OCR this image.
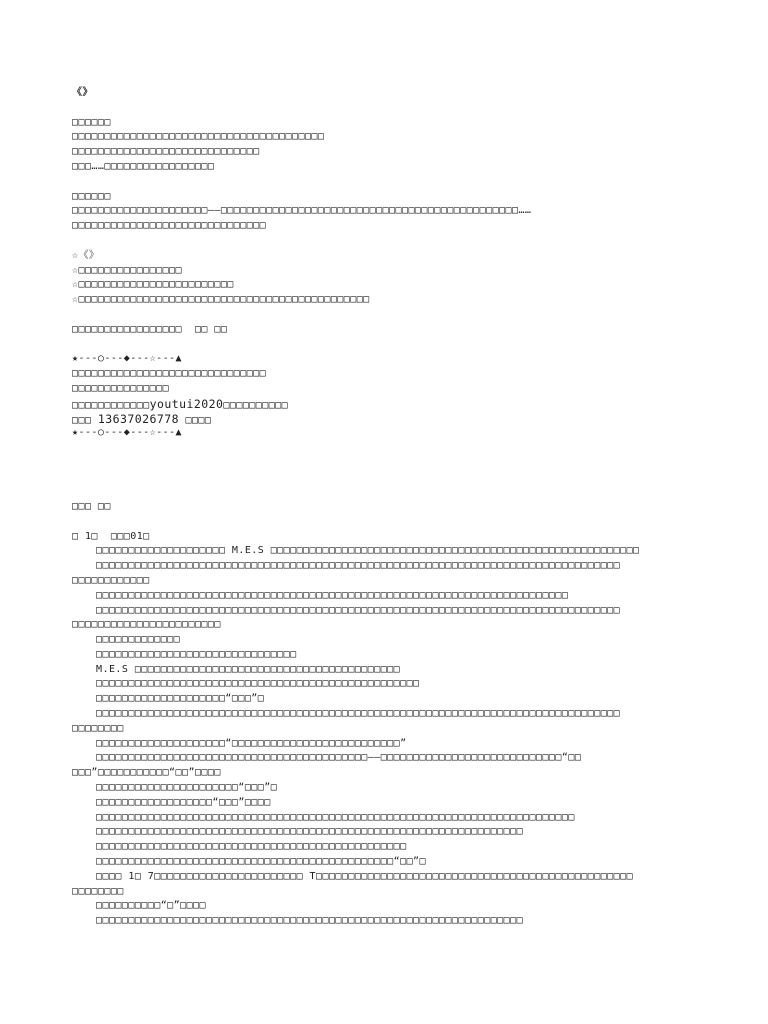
《》
□□□□□□
□□□□□□□□□□□□□□□□□□□□□□□□□□□□□□□□□□□□□□□
□□□□□□□□□□□□□□□□□□□□□□□□□□□□□
□□□……□□□□□□□□□□□□□□□□□
□□□□□□
□□□□□□□□□□□□□□□□□□□□□——□□□□□□□□□□□□□□□□□□□□□□□□□□□□□□□□□□□□□□□□□□□□□□……
□□□□□□□□□□□□□□□□□□□□□□□□□□□□□□
☆《》
☆□□□□□□□□□□□□□□□□
☆□□□□□□□□□□□□□□□□□□□□□□□□
☆□□□□□□□□□□□□□□□□□□□□□□□□□□□□□□□□□□□□□□□□□□□□□
□□□□□□□□□□□□□□□□□  □□ □□
★---○---◆---☆---▲
□□□□□□□□□□□□□□□□□□□□□□□□□□□□□□
□□□□□□□□□□□□□□□
□□□□□□□□□□□□youtui2020□□□□□□□□□□
□□□ 13637026778 □□□□
★---○---◆---☆---▲
□□□ □□
□ 1□  □□□01□
□□□□□□□□□□□□□□□□□□□□ M.E.S □□□□□□□□□□□□□□□□□□□□□□□□□□□□□□□□□□□□□□□□□□□□□□□□□□□□□□□□□
□□□□□□□□□□□□□□□□□□□□□□□□□□□□□□□□□□□□□□□□□□□□□□□□□□□□□□□□□□□□□□□□□□□□□□□□□□□□□□□□□
□□□□□□□□□□□□
□□□□□□□□□□□□□□□□□□□□□□□□□□□□□□□□□□□□□□□□□□□□□□□□□□□□□□□□□□□□□□□□□□□□□□□□□
□□□□□□□□□□□□□□□□□□□□□□□□□□□□□□□□□□□□□□□□□□□□□□□□□□□□□□□□□□□□□□□□□□□□□□□□□□□□□□□□□
□□□□□□□□□□□□□□□□□□□□□□□
□□□□□□□□□□□□□
□□□□□□□□□□□□□□□□□□□□□□□□□□□□□□□
M.E.S □□□□□□□□□□□□□□□□□□□□□□□□□□□□□□□□□□□□□□□□□
□□□□□□□□□□□□□□□□□□□□□□□□□□□□□□□□□□□□□□□□□□□□□□□□□□
□□□□□□□□□□□□□□□□□□□□“□□□”□
□□□□□□□□□□□□□□□□□□□□□□□□□□□□□□□□□□□□□□□□□□□□□□□□□□□□□□□□□□□□□□□□□□□□□□□□□□□□□□□□□
□□□□□□□□
□□□□□□□□□□□□□□□□□□□□“□□□□□□□□□□□□□□□□□□□□□□□□□□”
□□□□□□□□□□□□□□□□□□□□□□□□□□□□□□□□□□□□□□□□□□——□□□□□□□□□□□□□□□□□□□□□□□□□□□□“□□
□□□”□□□□□□□□□□□“□□”□□□□
□□□□□□□□□□□□□□□□□□□□□□“□□□”□
□□□□□□□□□□□□□□□□□□“□□□”□□□□
□□□□□□□□□□□□□□□□□□□□□□□□□□□□□□□□□□□□□□□□□□□□□□□□□□□□□□□□□□□□□□□□□□□□□□□□□□
□□□□□□□□□□□□□□□□□□□□□□□□□□□□□□□□□□□□□□□□□□□□□□□□□□□□□□□□□□□□□□□□□□
□□□□□□□□□□□□□□□□□□□□□□□□□□□□□□□□□□□□□□□□□□□□□□□□
□□□□□□□□□□□□□□□□□□□□□□□□□□□□□□□□□□□□□□□□□□□□□□“□□”□
□□□□ 1□ 7□□□□□□□□□□□□□□□□□□□□□□□ T□□□□□□□□□□□□□□□□□□□□□□□□□□□□□□□□□□□□□□□□□□□□□□□□□
□□□□□□□□
□□□□□□□□□□“□”□□□□
□□□□□□□□□□□□□□□□□□□□□□□□□□□□□□□□□□□□□□□□□□□□□□□□□□□□□□□□□□□□□□□□□□
